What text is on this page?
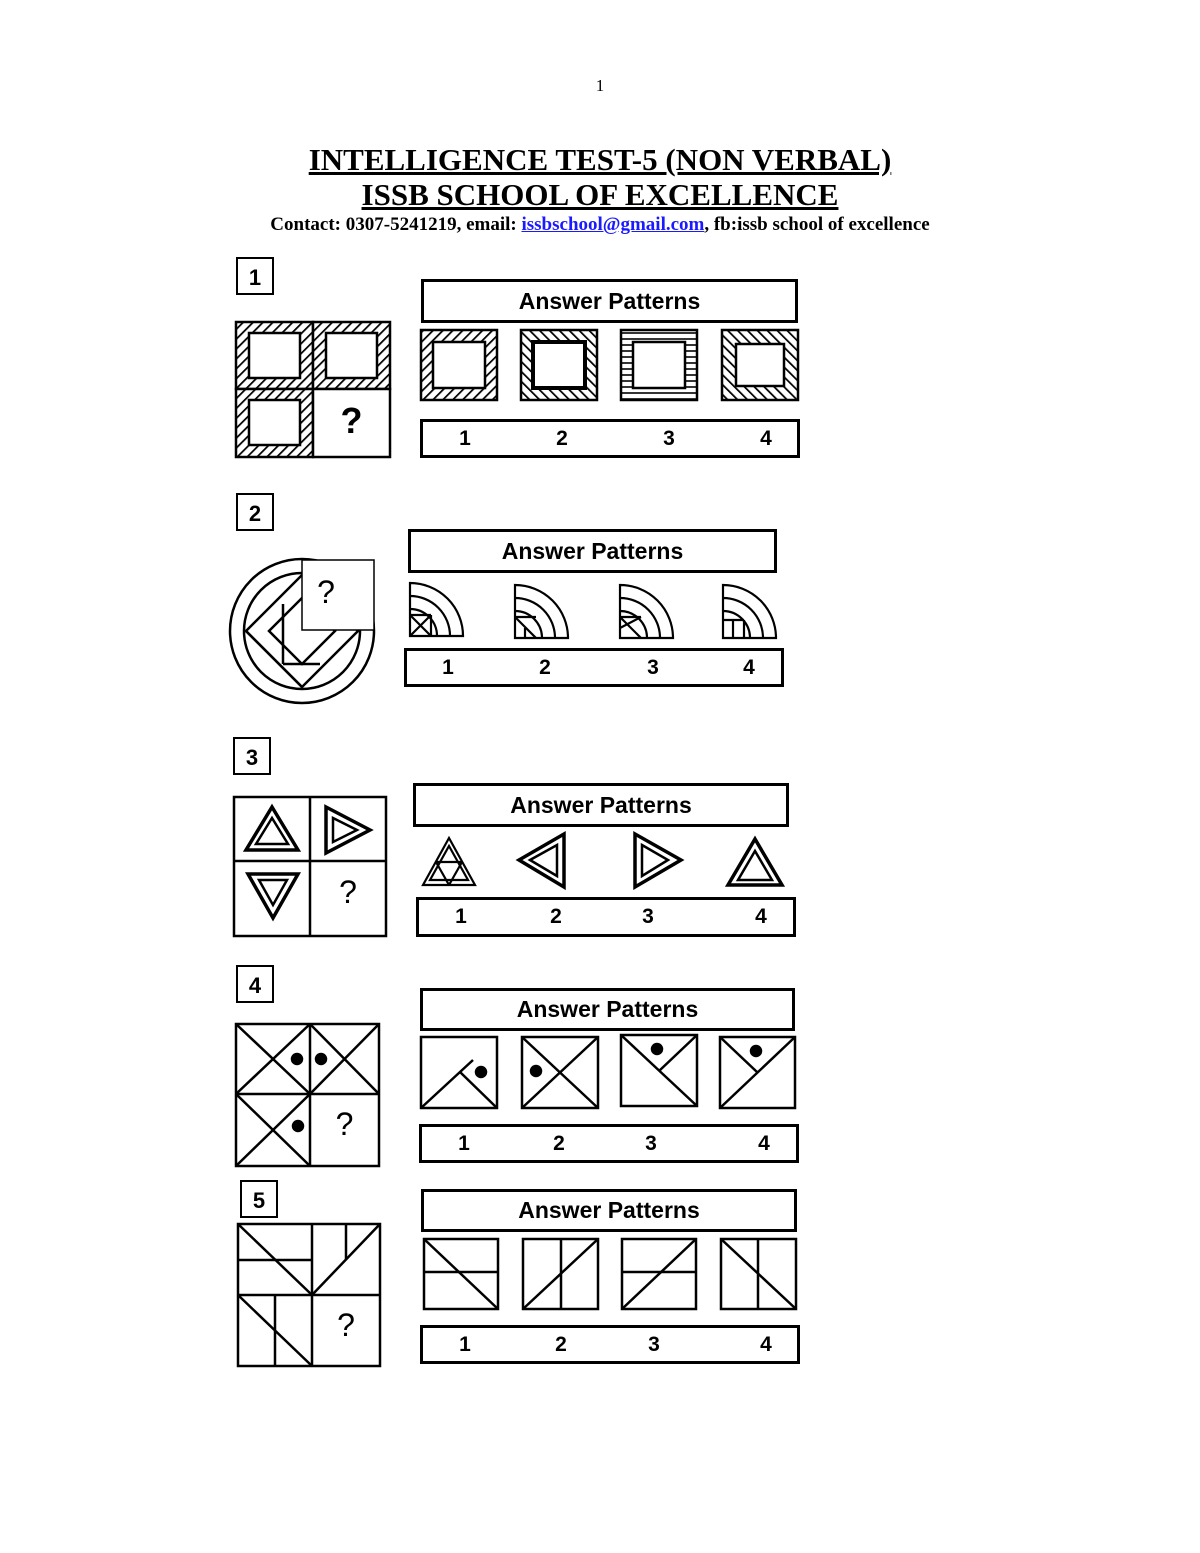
1
INTELLIGENCE TEST-5 (NON VERBAL)
ISSB SCHOOL OF EXCELLENCE
Contact: 0307-5241219, email: issbschool@gmail.com, fb:issb school of excellence
1
2
3
4
5
?
?
?
?
?
Answer Patterns
Answer Patterns
Answer Patterns
Answer Patterns
Answer Patterns
1	2	3	4
1	2	3	4
1	2	3	4
1	2	3	4
1	2	3	4
